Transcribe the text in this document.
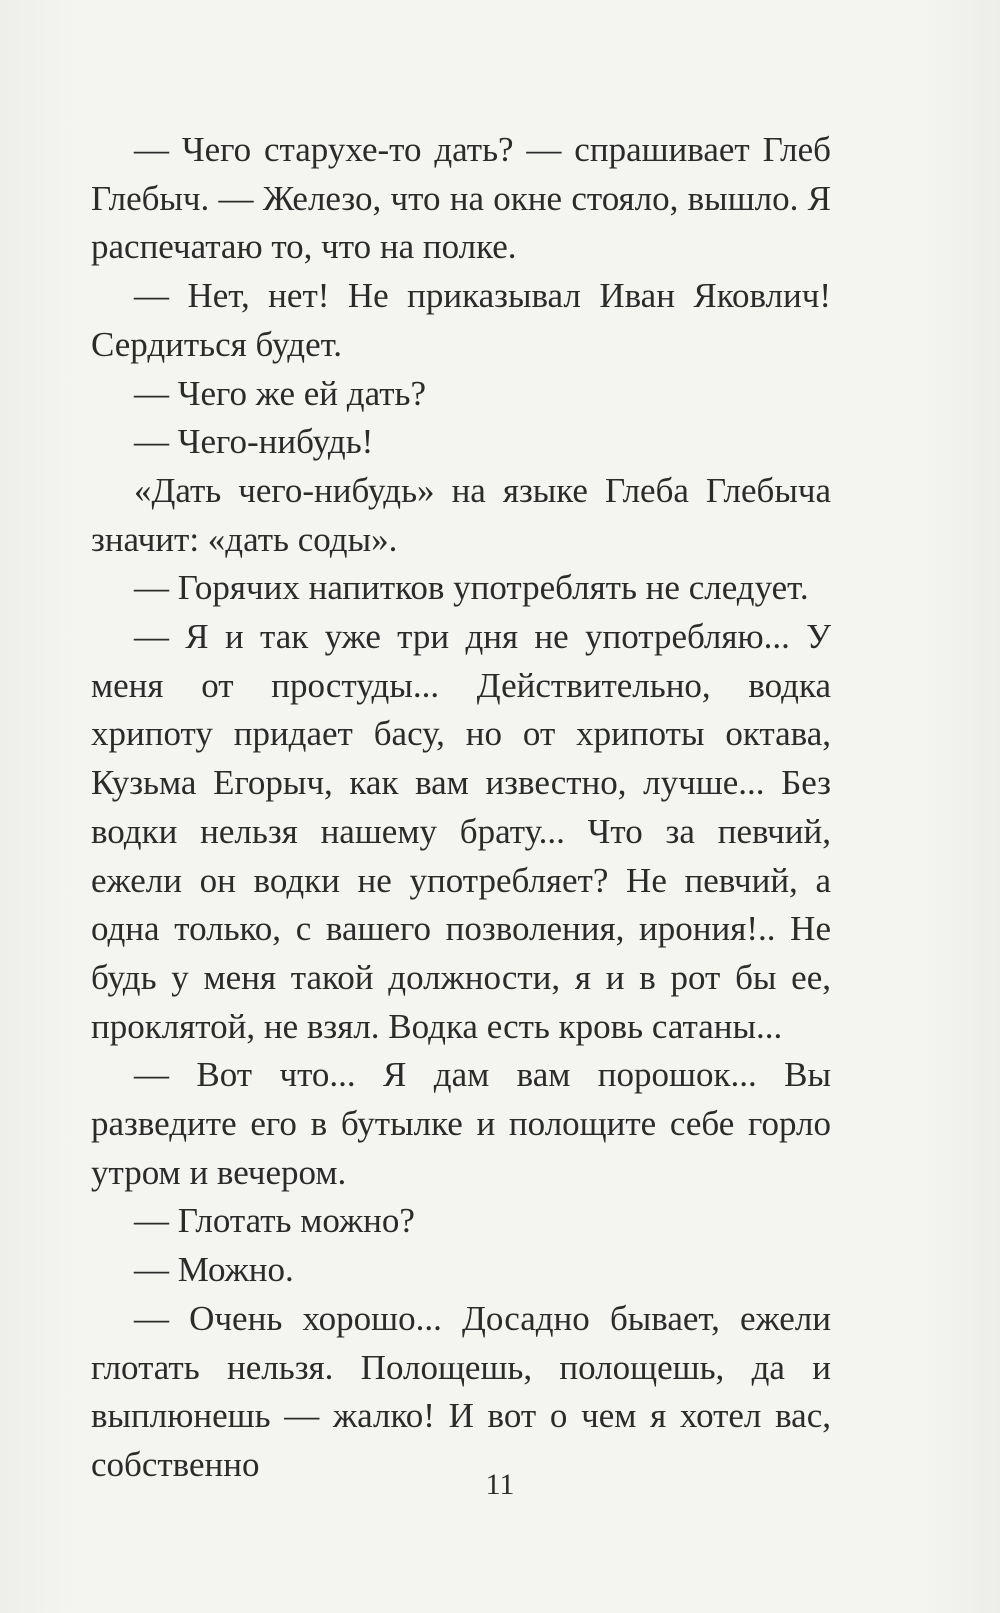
— Чего старухе-то дать? — спрашивает Глеб Глебыч. — Железо, что на окне стояло, вышло. Я распечатаю то, что на полке.

— Нет, нет! Не приказывал Иван Яковлич! Сердиться будет.

— Чего же ей дать?

— Чего-нибудь!

«Дать чего-нибудь» на языке Глеба Глебыча значит: «дать соды».

— Горячих напитков употреблять не следует.

— Я и так уже три дня не употребляю... У меня от простуды... Действительно, водка хрипоту придает басу, но от хрипоты октава, Кузьма Егорыч, как вам известно, лучше... Без водки нельзя нашему брату... Что за певчий, ежели он водки не употребляет? Не певчий, а одна только, с вашего позволения, ирония!.. Не будь у меня такой должности, я и в рот бы ее, проклятой, не взял. Водка есть кровь сатаны...

— Вот что... Я дам вам порошок... Вы разведите его в бутылке и полощите себе горло утром и вечером.

— Глотать можно?

— Можно.

— Очень хорошо... Досадно бывает, ежели глотать нельзя. Полощешь, полощешь, да и выплюнешь — жалко! И вот о чем я хотел вас, собственно

11
